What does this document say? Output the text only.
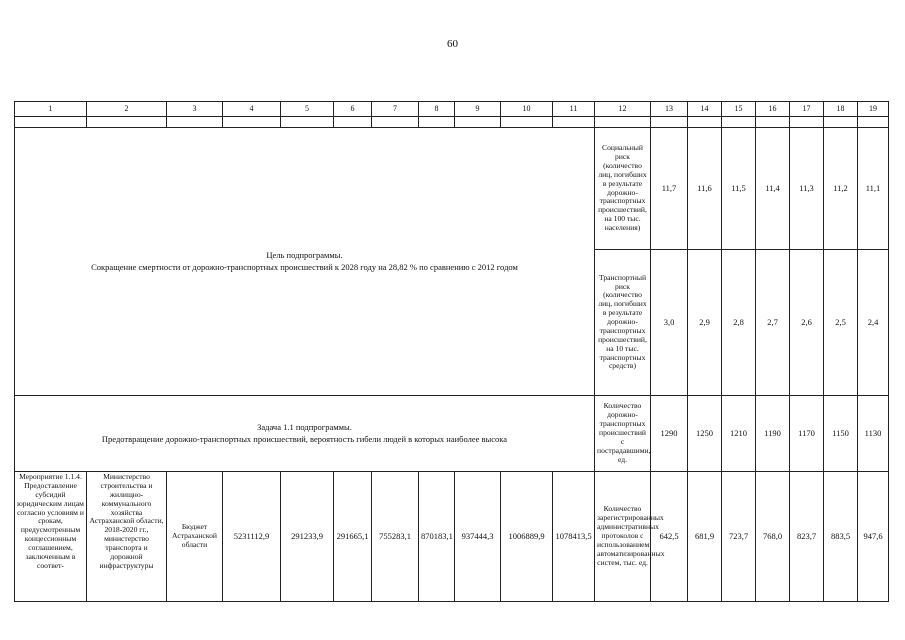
60
1	2	3	4	5	6	7	8	9	10	11	12	13	14	15	16	17	18	19

Цель подпрограммы.
Сокращение смертности от дорожно-транспортных происшествий к 2028 году на 28,82 % по сравнению с 2012 годом											Социальный риск (количество лиц, погибших в результате дорожно-транспортных происшествий, на 100 тыс. населения)	11,7	11,6	11,5	11,4	11,3	11,2	11,1
											Транспортный риск (количество лиц, погибших в результате дорожно-транспортных происшествий, на 10 тыс. транспортных средств)	3,0	2,9	2,8	2,7	2,6	2,5	2,4

Задача 1.1 подпрограммы.
Предотвращение дорожно-транспортных происшествий, вероятность гибели людей в которых наиболее высока											Количество дорожно-транспортных происшествий с пострадавшими, ед.	1290	1250	1210	1190	1170	1150	1130
Мероприятие 1.1.4. Предоставление субсидий юридическим лицам согласно условиям и срокам, предусмотренным концессионным соглашением, заключенным в соответ-	Министерство строительства и жилищно-коммунального хозяйства Астраханской области, 2018-2020 гг., министерство транспорта и дорожной инфраструктуры	Бюджет Астраханской области	5231112,9	291233,9	291665,1	755283,1	870183,1	937444,3	1006889,9	1078413,5	Количество зарегистрированных административных протоколов с использованием автоматизированных систем, тыс. ед.	642,5	681,9	723,7	768,0	823,7	883,5	947,6
